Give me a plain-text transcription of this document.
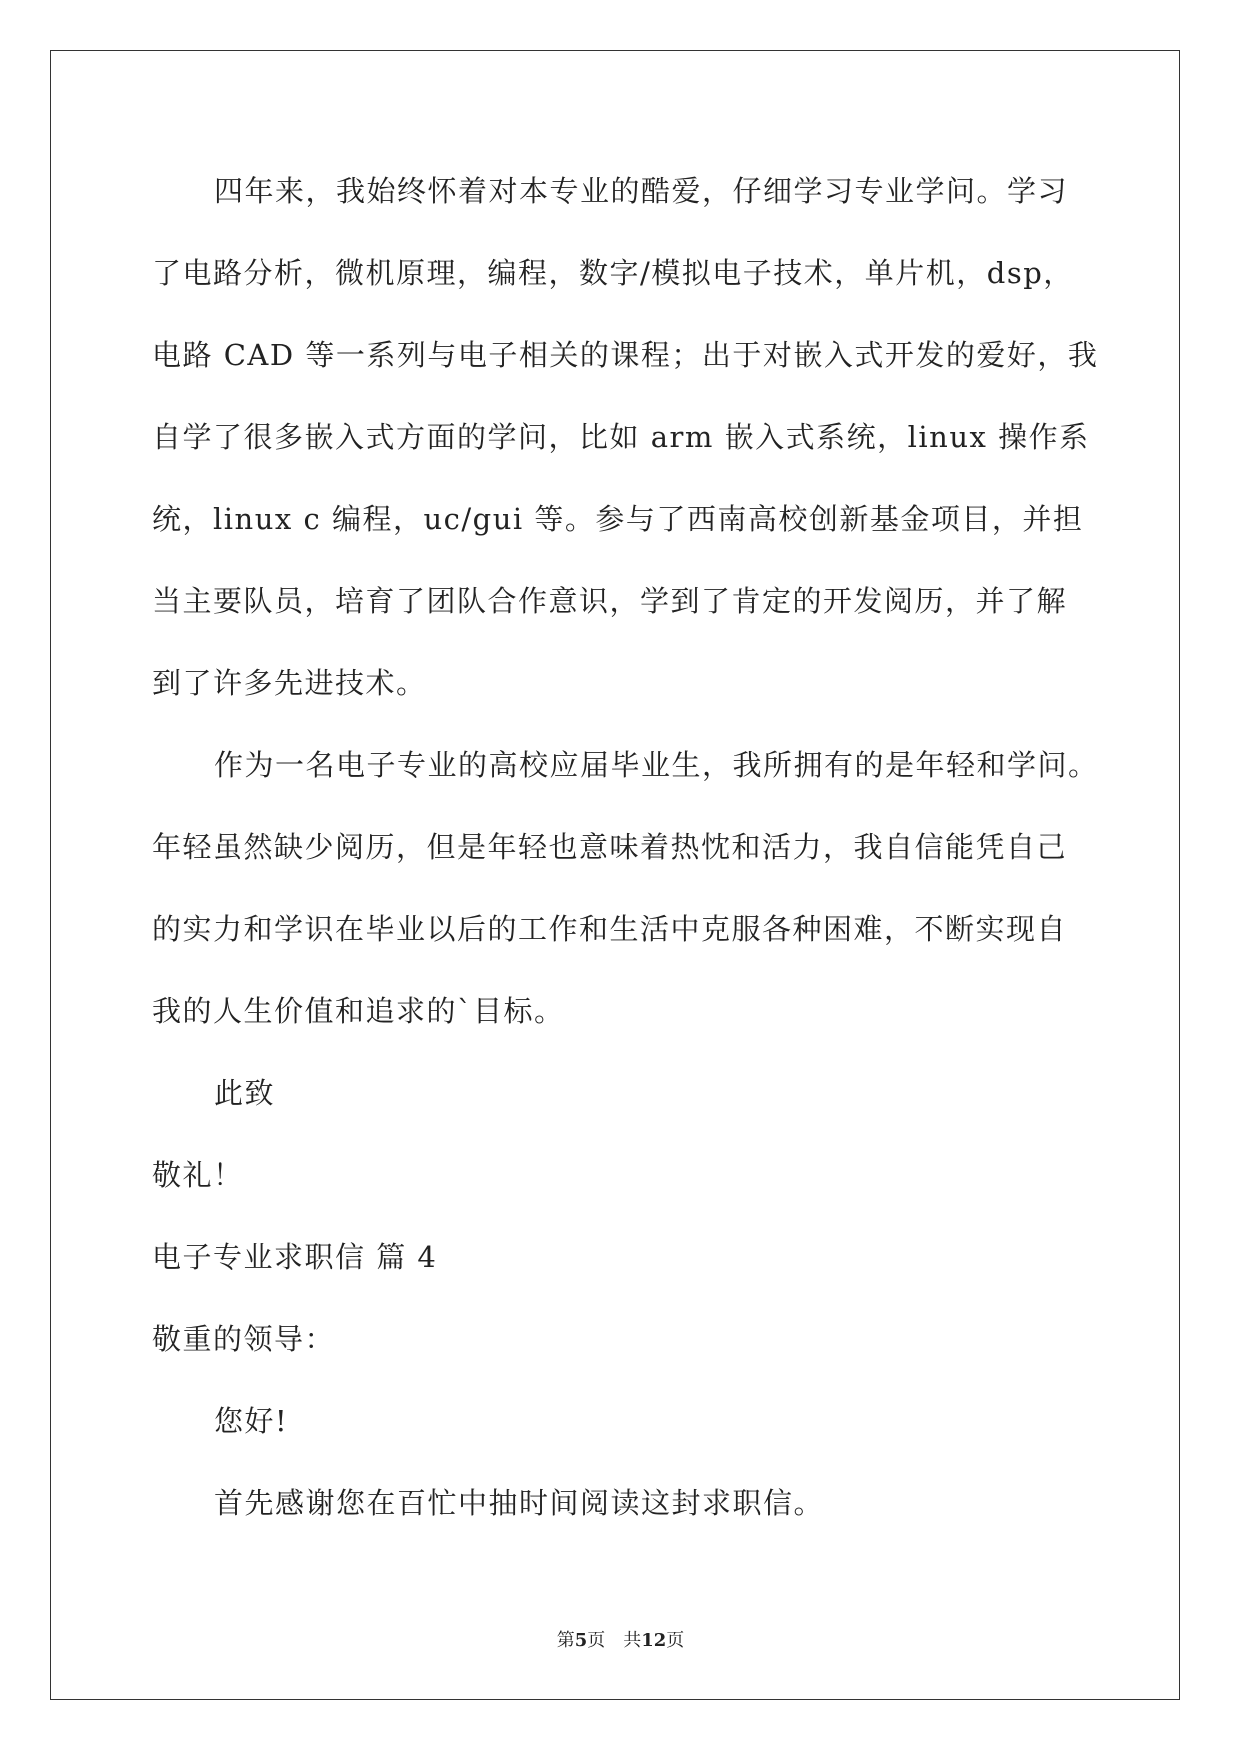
四年来，我始终怀着对本专业的酷爱，仔细学习专业学问。学习
了电路分析，微机原理，编程，数字/模拟电子技术，单片机，dsp，
电路 CAD 等一系列与电子相关的课程；出于对嵌入式开发的爱好，我
自学了很多嵌入式方面的学问，比如 arm 嵌入式系统，linux 操作系
统，linux c 编程，uc/gui 等。参与了西南高校创新基金项目，并担
当主要队员，培育了团队合作意识，学到了肯定的开发阅历，并了解
到了许多先进技术。
作为一名电子专业的高校应届毕业生，我所拥有的是年轻和学问。
年轻虽然缺少阅历，但是年轻也意味着热忱和活力，我自信能凭自己
的实力和学识在毕业以后的工作和生活中克服各种困难，不断实现自
我的人生价值和追求的`目标。
此致
敬礼！
电子专业求职信 篇 4
敬重的领导：
您好!
首先感谢您在百忙中抽时间阅读这封求职信。
第5页　共12页
